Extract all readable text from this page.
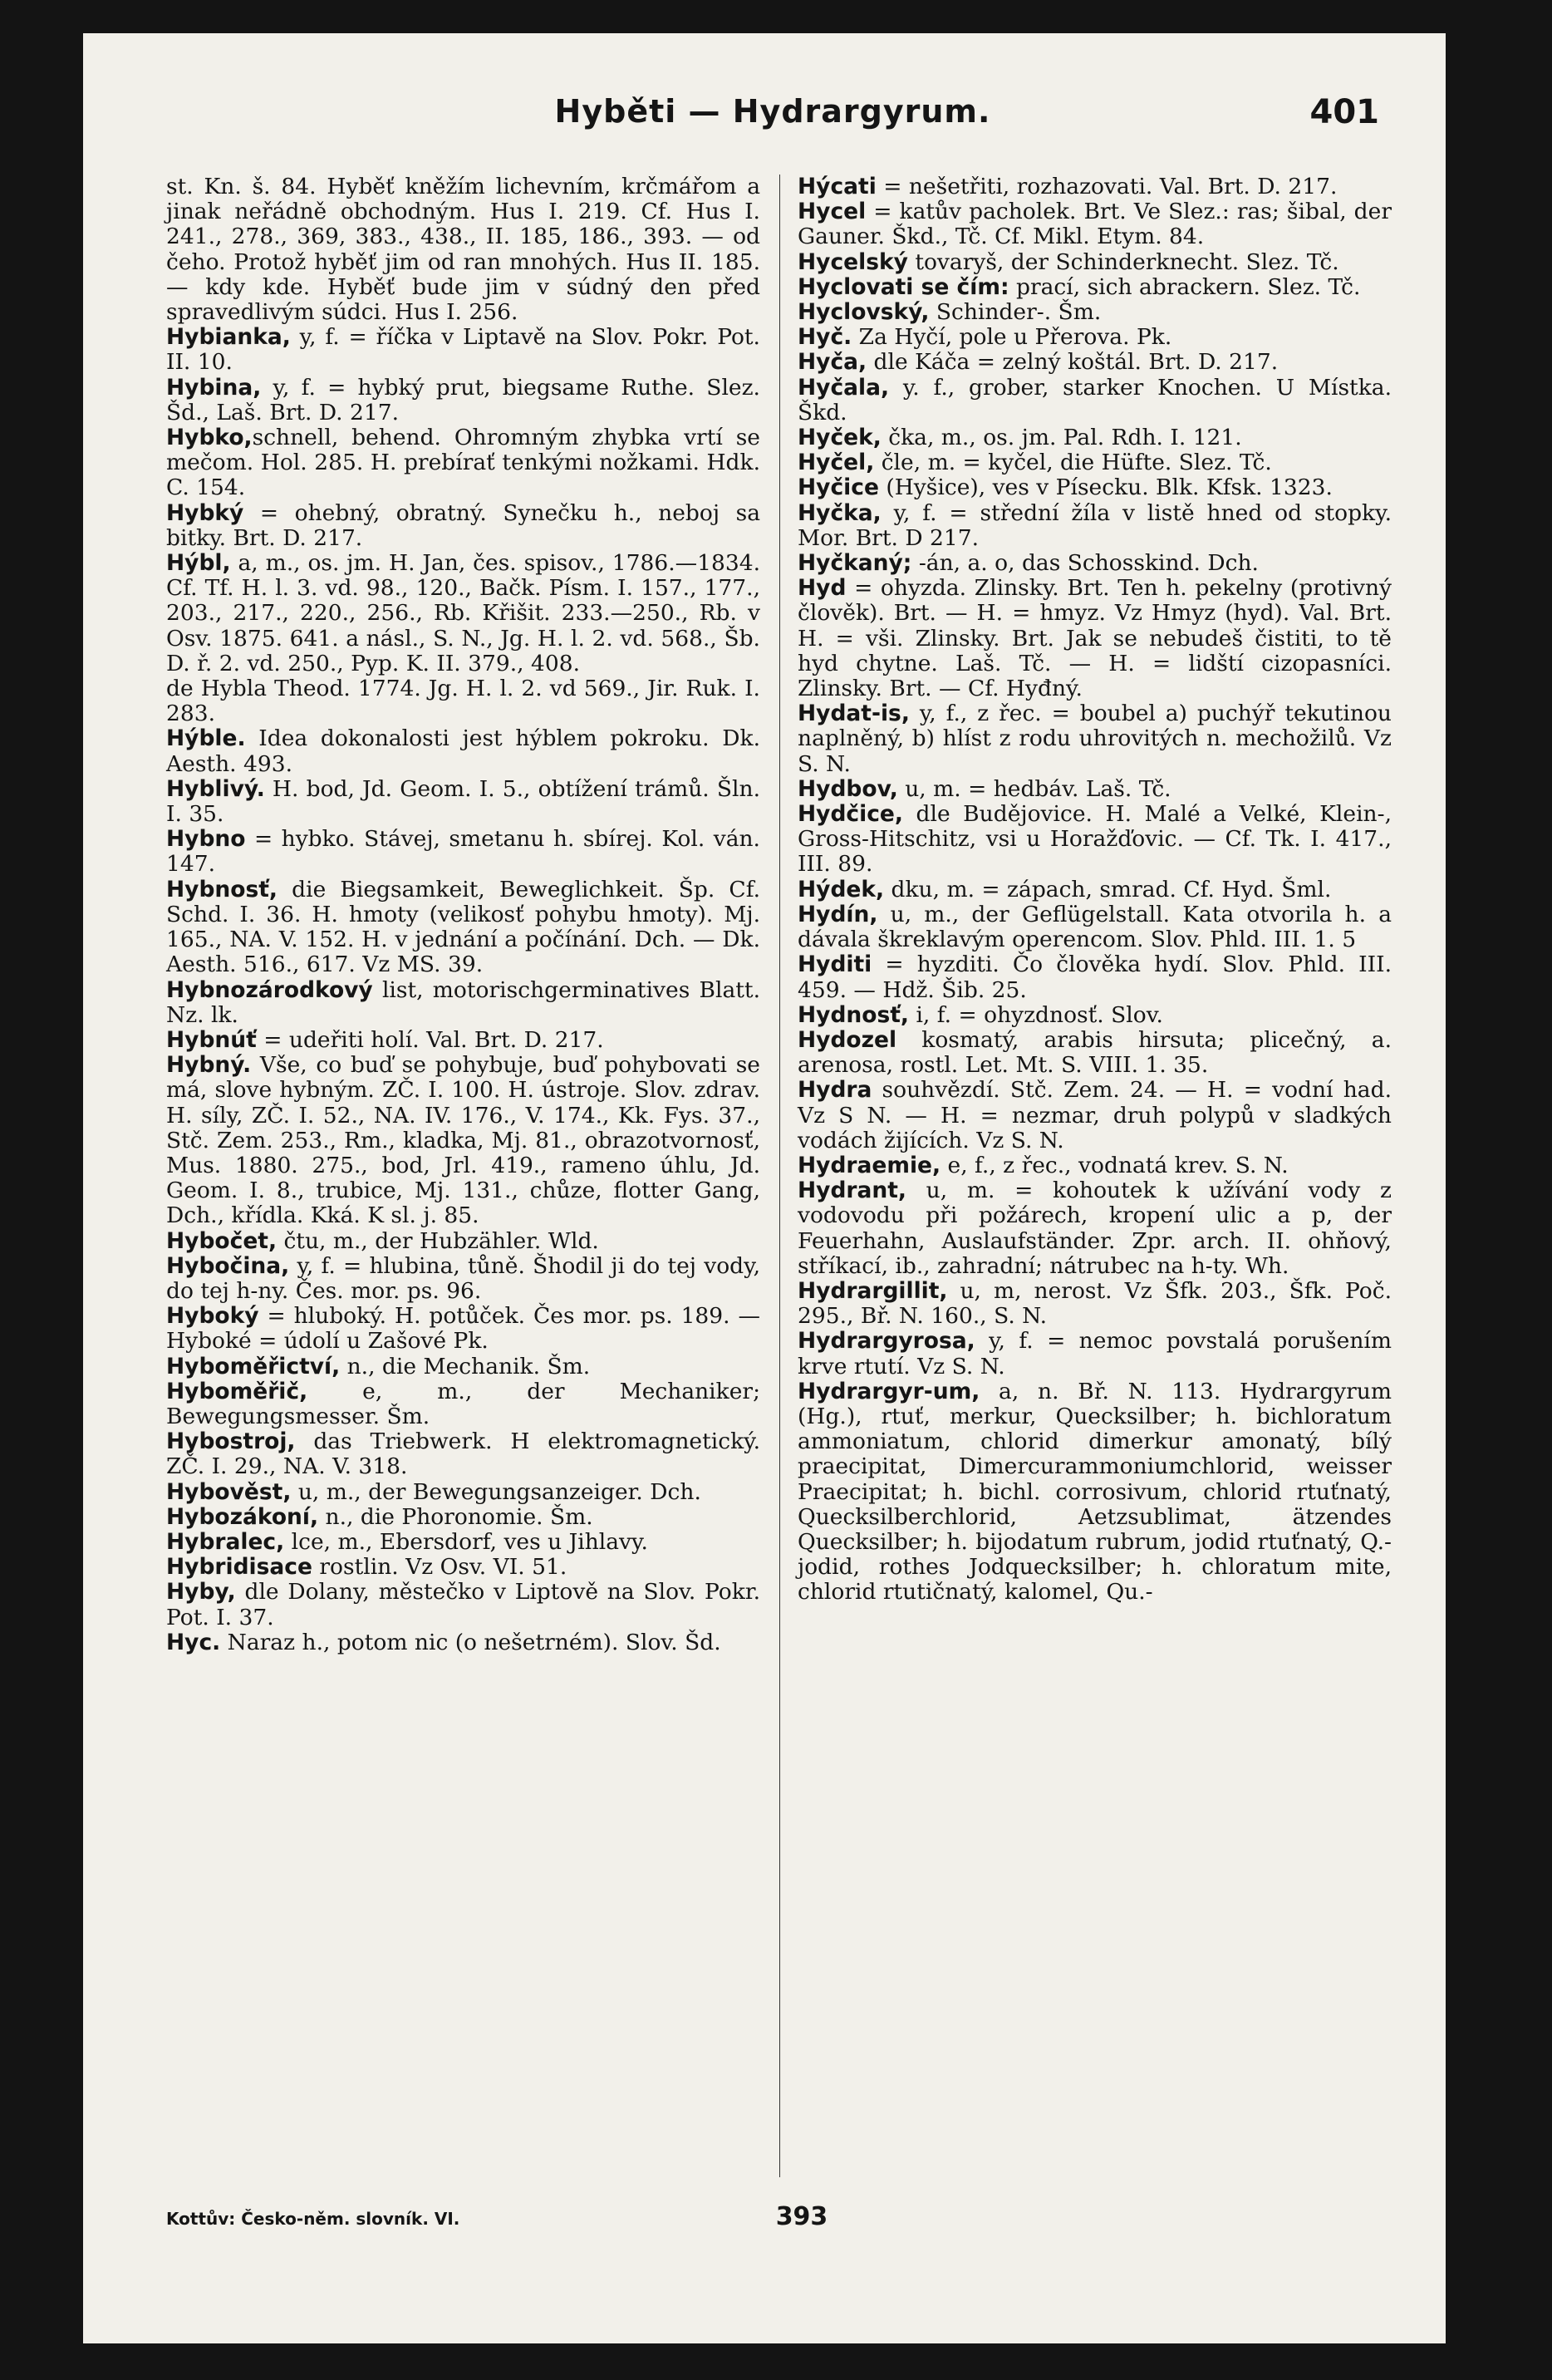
Hyběti — Hydrargyrum.	401

st. Kn. š. 84. Hyběť kněžím lichevním, krčmářom a jinak neřádně obchodným. Hus I. 219. Cf. Hus I. 241., 278., 369, 383., 438., II. 185, 186., 393. — od čeho. Protož hyběť jim od ran mnohých. Hus II. 185. — kdy kde. Hyběť bude jim v súdný den před spravedlivým súdci. Hus I. 256.

Hybianka, y, f. = říčka v Liptavě na Slov. Pokr. Pot. II. 10.

Hybina, y, f. = hybký prut, biegsame Ruthe. Slez. Šd., Laš. Brt. D. 217.

Hybko,schnell, behend. Ohromným zhybka vrtí se mečom. Hol. 285. H. prebírať tenkými nožkami. Hdk. C. 154.

Hybký = ohebný, obratný. Synečku h., neboj sa bitky. Brt. D. 217.

Hýbl, a, m., os. jm. H. Jan, čes. spisov., 1786.—1834. Cf. Tf. H. l. 3. vd. 98., 120., Bačk. Písm. I. 157., 177., 203., 217., 220., 256., Rb. Křišit. 233.—250., Rb. v Osv. 1875. 641. a násl., S. N., Jg. H. l. 2. vd. 568., Šb. D. ř. 2. vd. 250., Pyp. K. II. 379., 408.

de Hybla Theod. 1774. Jg. H. l. 2. vd 569., Jir. Ruk. I. 283.

Hýble. Idea dokonalosti jest hýblem pokroku. Dk. Aesth. 493.

Hyblivý. H. bod, Jd. Geom. I. 5., obtížení trámů. Šln. I. 35.

Hybno = hybko. Stávej, smetanu h. sbírej. Kol. ván. 147.

Hybnosť, die Biegsamkeit, Beweglichkeit. Šp. Cf. Schd. I. 36. H. hmoty (velikosť pohybu hmoty). Mj. 165., NA. V. 152. H. v jednání a počínání. Dch. — Dk. Aesth. 516., 617. Vz MS. 39.

Hybnozárodkový list, motorischgerminatives Blatt. Nz. lk.

Hybnúť = udeřiti holí. Val. Brt. D. 217.

Hybný. Vše, co buď se pohybuje, buď pohybovati se má, slove hybným. ZČ. I. 100. H. ústroje. Slov. zdrav. H. síly, ZČ. I. 52., NA. IV. 176., V. 174., Kk. Fys. 37., Stč. Zem. 253., Rm., kladka, Mj. 81., obrazotvornosť, Mus. 1880. 275., bod, Jrl. 419., rameno úhlu, Jd. Geom. I. 8., trubice, Mj. 131., chůze, flotter Gang, Dch., křídla. Kká. K sl. j. 85.

Hybočet, čtu, m., der Hubzähler. Wld.

Hybočina, y, f. = hlubina, tůně. Šhodil ji do tej vody, do tej h-ny. Čes. mor. ps. 96.

Hyboký = hluboký. H. potůček. Čes mor. ps. 189. — Hyboké = údolí u Zašové Pk.

Hyboměřictví, n., die Mechanik. Šm.

Hyboměřič, e, m., der Mechaniker; Bewegungsmesser. Šm.

Hybostroj, das Triebwerk. H elektromagnetický. ZČ. I. 29., NA. V. 318.

Hybověst, u, m., der Bewegungsanzeiger. Dch.

Hybozákoní, n., die Phoronomie. Šm.

Hybralec, lce, m., Ebersdorf, ves u Jihlavy.

Hybridisace rostlin. Vz Osv. VI. 51.

Hyby, dle Dolany, městečko v Liptově na Slov. Pokr. Pot. I. 37.

Hyc. Naraz h., potom nic (o nešetrném). Slov. Šd.

Hýcati = nešetřiti, rozhazovati. Val. Brt. D. 217.

Hycel = katův pacholek. Brt. Ve Slez.: ras; šibal, der Gauner. Škd., Tč. Cf. Mikl. Etym. 84.

Hycelský tovaryš, der Schinderknecht. Slez. Tč.

Hyclovati se čím: prací, sich abrackern. Slez. Tč.

Hyclovský, Schinder-. Šm.

Hyč. Za Hyčí, pole u Přerova. Pk.

Hyča, dle Káča = zelný koštál. Brt. D. 217.

Hyčala, y. f., grober, starker Knochen. U Místka. Škd.

Hyček, čka, m., os. jm. Pal. Rdh. I. 121.

Hyčel, čle, m. = kyčel, die Hüfte. Slez. Tč.

Hyčice (Hyšice), ves v Písecku. Blk. Kfsk. 1323.

Hyčka, y, f. = střední žíla v listě hned od stopky. Mor. Brt. D 217.

Hyčkaný; -án, a. o, das Schosskind. Dch.

Hyd = ohyzda. Zlinsky. Brt. Ten h. pekelny (protivný člověk). Brt. — H. = hmyz. Vz Hmyz (hyd). Val. Brt. H. = vši. Zlinsky. Brt. Jak se nebudeš čistiti, to tě hyd chytne. Laš. Tč. — H. = lidští cizopasníci. Zlinsky. Brt. — Cf. Hyđný.

Hydat-is, y, f., z řec. = boubel a) puchýř tekutinou naplněný, b) hlíst z rodu uhrovitých n. mechožilů. Vz S. N.

Hydbov, u, m. = hedbáv. Laš. Tč.

Hydčice, dle Budějovice. H. Malé a Velké, Klein-, Gross-Hitschitz, vsi u Horažďovic. — Cf. Tk. I. 417., III. 89.

Hýdek, dku, m. = zápach, smrad. Cf. Hyd. Šml.

Hydín, u, m., der Geflügelstall. Kata otvorila h. a dávala škreklavým operencom. Slov. Phld. III. 1. 5

Hyditi = hyzditi. Čo člověka hydí. Slov. Phld. III. 459. — Hdž. Šib. 25.

Hydnosť, i, f. = ohyzdnosť. Slov.

Hydozel kosmatý, arabis hirsuta; plicečný, a. arenosa, rostl. Let. Mt. S. VIII. 1. 35.

Hydra souhvězdí. Stč. Zem. 24. — H. = vodní had. Vz S N. — H. = nezmar, druh polypů v sladkých vodách žijících. Vz S. N.

Hydraemie, e, f., z řec., vodnatá krev. S. N.

Hydrant, u, m. = kohoutek k užívání vody z vodovodu při požárech, kropení ulic a p, der Feuerhahn, Auslaufständer. Zpr. arch. II. ohňový, stříkací, ib., zahradní; nátrubec na h-ty. Wh.

Hydrargillit, u, m, nerost. Vz Šfk. 203., Šfk. Poč. 295., Bř. N. 160., S. N.

Hydrargyrosa, y, f. = nemoc povstalá porušením krve rtutí. Vz S. N.

Hydrargyr-um, a, n. Bř. N. 113. Hydrargyrum (Hg.), rtuť, merkur, Quecksilber; h. bichloratum ammoniatum, chlorid dimerkur amonatý, bílý praecipitat, Dimercurammoniumchlorid, weisser Praecipitat; h. bichl. corrosivum, chlorid rtuťnatý, Quecksilberchlorid, Aetzsublimat, ätzendes Quecksilber; h. bijodatum rubrum, jodid rtuťnatý, Q.-jodid, rothes Jodquecksilber; h. chloratum mite, chlorid rtutičnatý, kalomel, Qu.-

Kottův: Česko-něm. slovník. VI.	393
